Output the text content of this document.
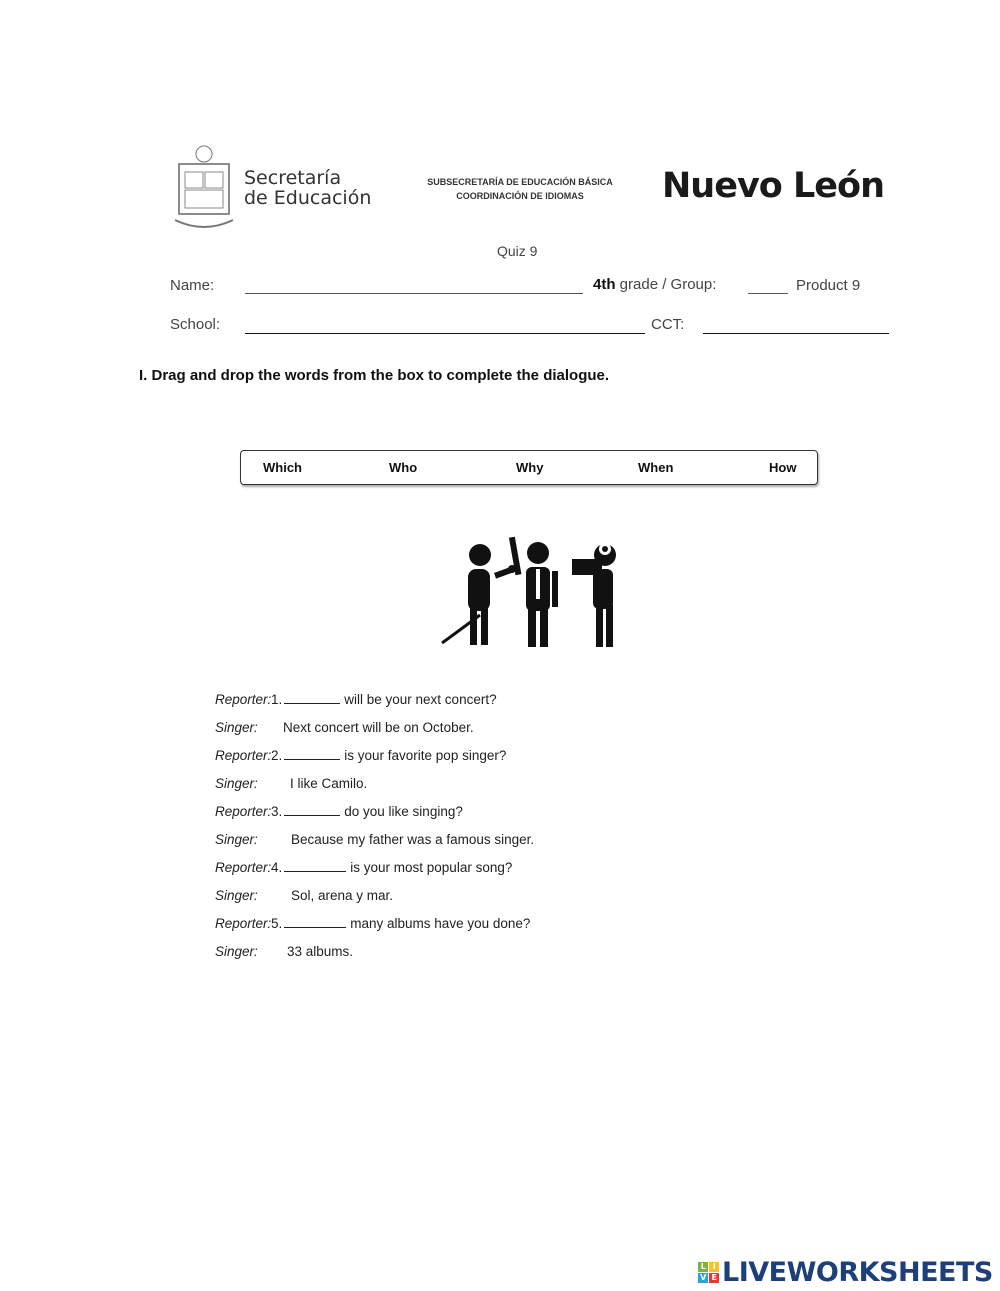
Secretaría
de Educación
SUBSECRETARÍA DE EDUCACIÓN BÁSICA
COORDINACIÓN DE IDIOMAS	Nuevo León
Quiz 9
Name:	4th grade / Group:	Product 9
School:	CCT:
I. Drag and drop the words from the box to complete the dialogue.
Which	Who	Why	When	How
Reporter: 1.	will be your next concert?
Singer: Next concert will be on October.
Reporter: 2.	is your favorite pop singer?
Singer: I like Camilo.
Reporter: 3.	do you like singing?
Singer: Because my father was a famous singer.
Reporter: 4.	is your most popular song?
Singer: Sol, arena y mar.
Reporter: 5.	many albums have you done?
Singer: 33 albums.
L I
V E LIVEWORKSHEETS
